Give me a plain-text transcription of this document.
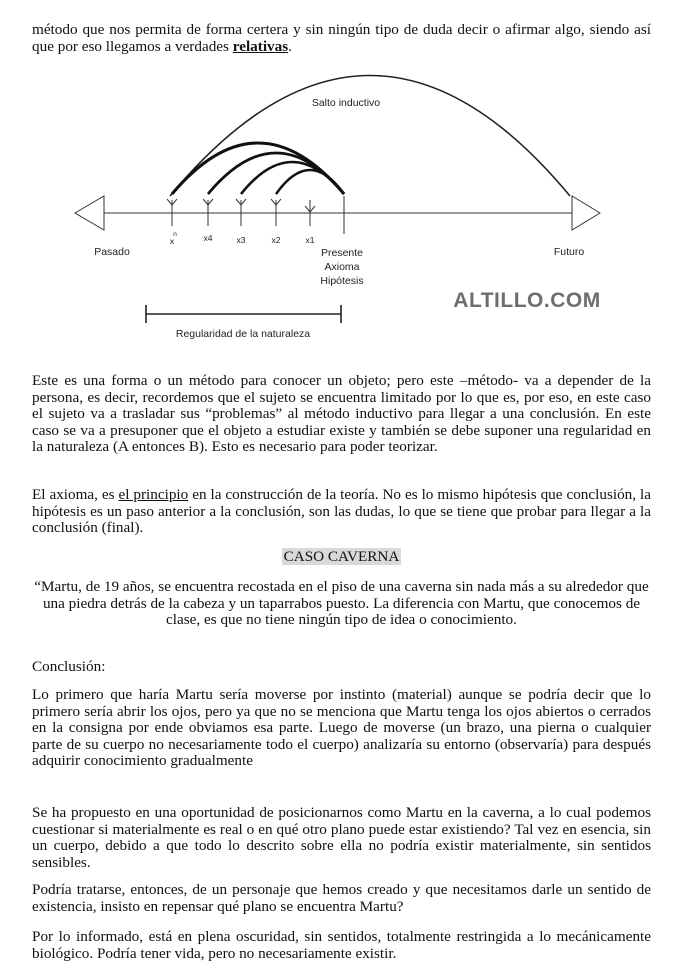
método que nos permita de forma certera y sin ningún tipo de duda decir o afirmar algo, siendo así que por eso llegamos a verdades relativas.

Salto inductivo
Pasado	Futuro
x
n	x4	x3	x2	x1
Presente
Axioma
Hipótesis
ALTILLO.COM
Regularidad de la naturaleza

Este es una forma o un método para conocer un objeto; pero este –método- va a depender de la persona, es decir, recordemos que el sujeto se encuentra limitado por lo que es, por eso, en este caso el sujeto va a trasladar sus “problemas” al método inductivo para llegar a una conclusión. En este caso se va a presuponer que el objeto a estudiar existe y también se debe suponer una regularidad en la naturaleza (A entonces B). Esto es necesario para poder teorizar.

El axioma, es el principio en la construcción de la teoría. No es lo mismo hipótesis que conclusión, la hipótesis es un paso anterior a la conclusión, son las dudas, lo que se tiene que probar para llegar a la conclusión (final).

CASO CAVERNA

“Martu, de 19 años, se encuentra recostada en el piso de una caverna sin nada más a su alrededor que una piedra detrás de la cabeza y un taparrabos puesto. La diferencia con Martu, que conocemos de clase, es que no tiene ningún tipo de idea o conocimiento.

Conclusión:

Lo primero que haría Martu sería moverse por instinto (material) aunque se podría decir que lo primero sería abrir los ojos, pero ya que no se menciona que Martu tenga los ojos abiertos o cerrados en la consigna por ende obviamos esa parte. Luego de moverse (un brazo, una pierna o cualquier parte de su cuerpo no necesariamente todo el cuerpo) analizaría su entorno (observaría) para después adquirir conocimiento gradualmente

Se ha propuesto en una oportunidad de posicionarnos como Martu en la caverna, a lo cual podemos cuestionar si materialmente es real o en qué otro plano puede estar existiendo? Tal vez en esencia, sin un cuerpo, debido a que todo lo descrito sobre ella no podría existir materialmente, sin sentidos sensibles.

Podría tratarse, entonces, de un personaje que hemos creado y que necesitamos darle un sentido de existencia, insisto en repensar qué plano se encuentra Martu?

Por lo informado, está en plena oscuridad, sin sentidos, totalmente restringida a lo mecánicamente biológico. Podría tener vida, pero no necesariamente existir.
